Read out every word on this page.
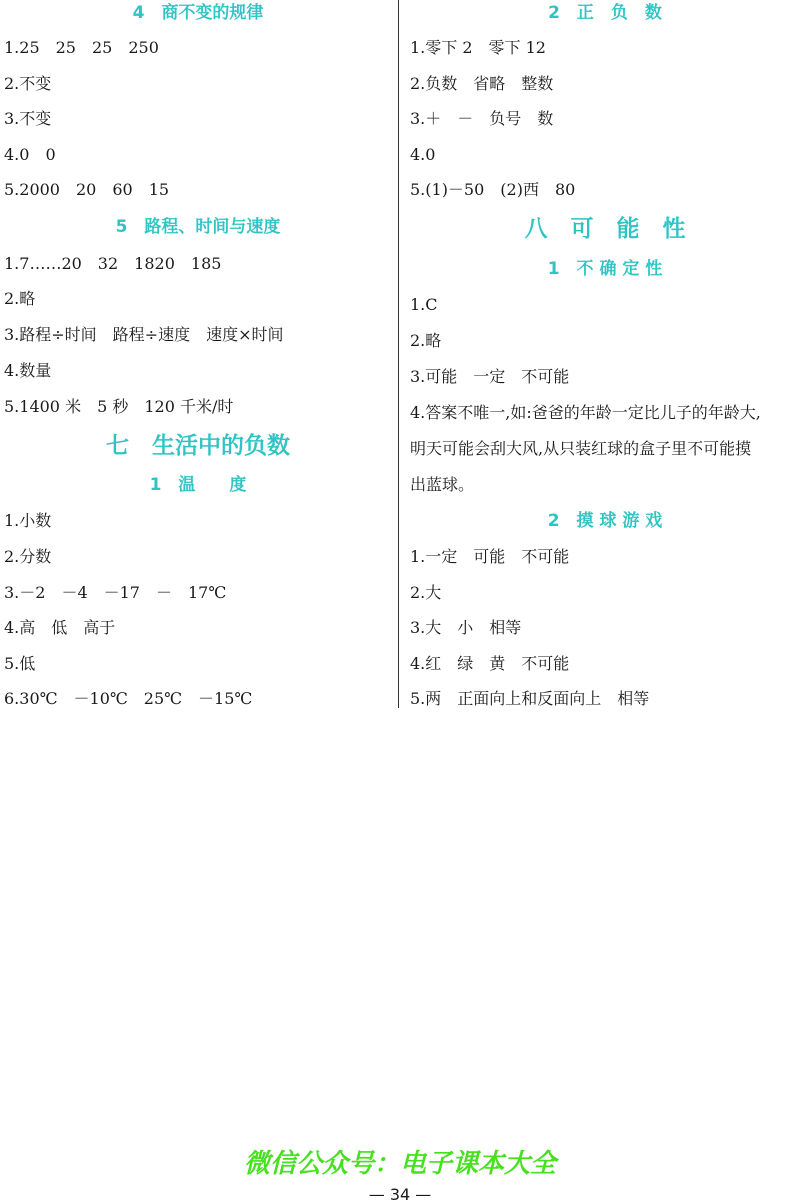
4　商不变的规律
1.25　25　25　250
2.不变
3.不变
4.0　0
5.2000　20　60　15
5　路程、时间与速度
1.7……20　32　1820　185
2.略
3.路程÷时间　路程÷速度　速度×时间
4.数量
5.1400 米　5 秒　120 千米/时
七　生活中的负数
1　温　　度
1.小数
2.分数
3.－2　－4　－17　－　17℃
4.高　低　高于
5.低
6.30℃　－10℃　25℃　－15℃
2　正　负　数
1.零下 2　零下 12
2.负数　省略　整数
3.＋　－　负号　数
4.0
5.(1)－50　(2)西　80
八　可　能　性
1　不 确 定 性
1.C
2.略
3.可能　一定　不可能
4.答案不唯一,如:爸爸的年龄一定比儿子的年龄大,
明天可能会刮大风,从只装红球的盒子里不可能摸
出蓝球。
2　摸 球 游 戏
1.一定　可能　不可能
2.大
3.大　小　相等
4.红　绿　黄　不可能
5.两　正面向上和反面向上　相等
微信公众号：电子课本大全
— 34 —
